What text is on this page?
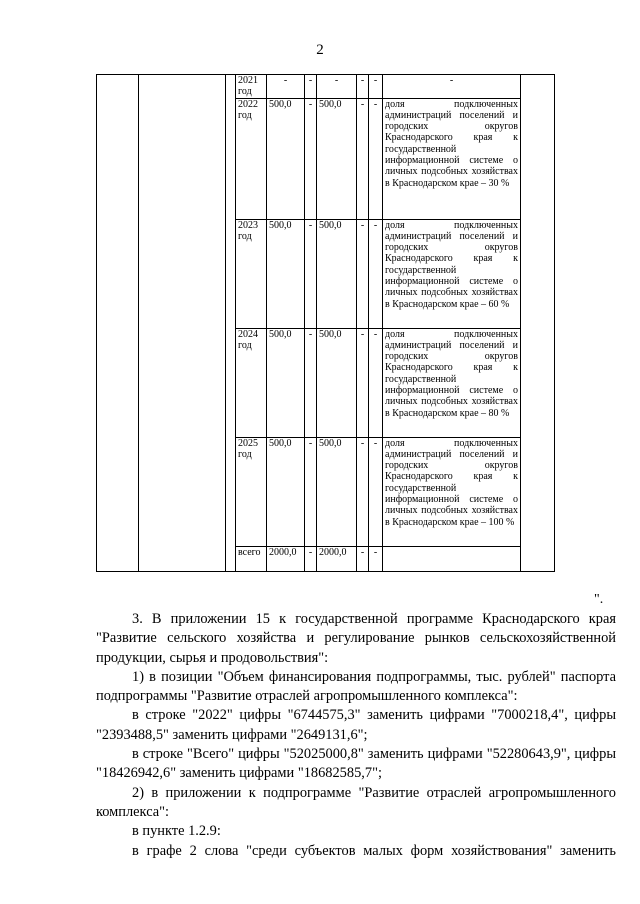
2
			2021 год	-	-	-	-	-	-	
			2022 год	500,0	-	500,0	-	-	доля подключенных администраций поселений и городских округов Краснодарского края к государственной информационной системе о личных подсобных хозяйствах в Краснодарском крае – 30 %	
			2023 год	500,0	-	500,0	-	-	доля подключенных администраций поселений и городских округов Краснодарского края к государственной информационной системе о личных подсобных хозяйствах в Краснодарском крае – 60 %	
			2024 год	500,0	-	500,0	-	-	доля подключенных администраций поселений и городских округов Краснодарского края к государственной информационной системе о личных подсобных хозяйствах в Краснодарском крае – 80 %	
			2025 год	500,0	-	500,0	-	-	доля подключенных администраций поселений и городских округов Краснодарского края к государственной информационной системе о личных подсобных хозяйствах в Краснодарском крае – 100 %	
			всего	2000,0	-	2000,0	-	-		
".

3. В приложении 15 к государственной программе Краснодарского края "Развитие сельского хозяйства и регулирование рынков сельскохозяйственной продукции, сырья и продовольствия":

1) в позиции "Объем финансирования подпрограммы, тыс. рублей" паспорта подпрограммы "Развитие отраслей агропромышленного комплекса":

в строке "2022" цифры "6744575,3" заменить цифрами "7000218,4", цифры "2393488,5" заменить цифрами "2649131,6";

в строке "Всего" цифры "52025000,8" заменить цифрами "52280643,9", цифры "18426942,6" заменить цифрами "18682585,7";

2) в приложении к подпрограмме "Развитие отраслей агропромышленного комплекса":

в пункте 1.2.9:

в графе 2 слова "среди субъектов малых форм хозяйствования" заменить
